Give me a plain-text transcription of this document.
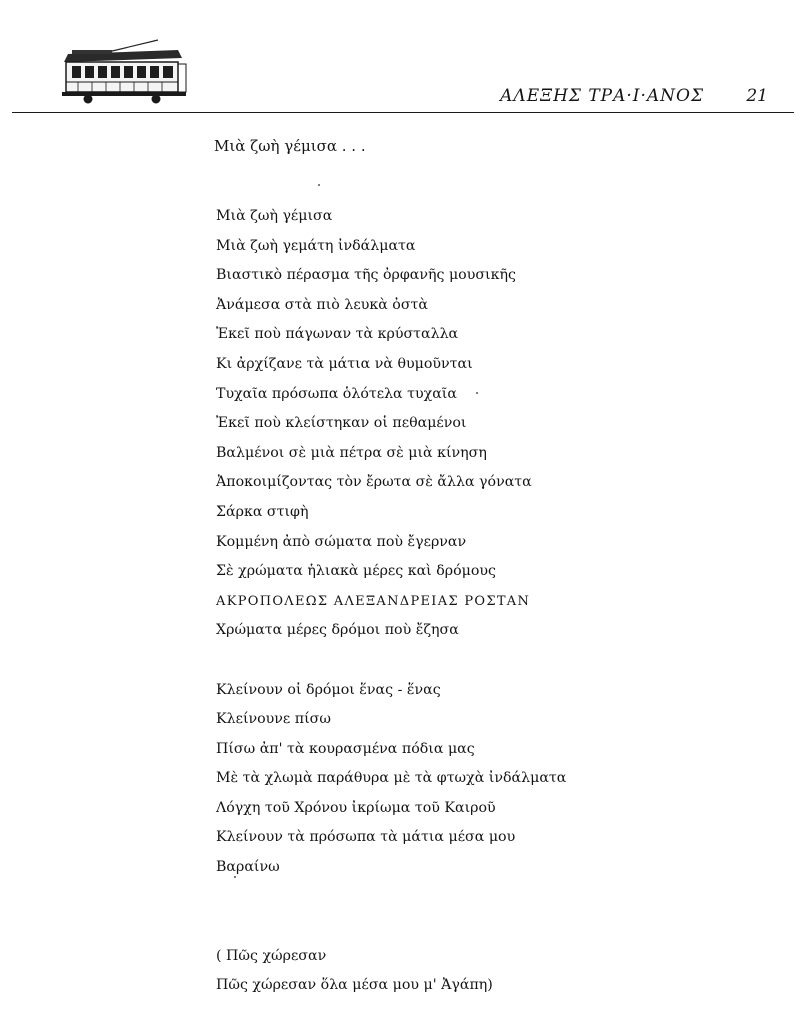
ΑΛΕΞΗΣ ΤΡΑ·Ι·ΑΝΟΣ 21
Μιὰ ζωὴ γέμισα . . .
Μιὰ ζωὴ γέμισα
Μιὰ ζωὴ γεμάτη ἰνδάλματα
Βιαστικὸ πέρασμα τῆς ὀρφανῆς μουσικῆς
Ἀνάμεσα στὰ πιὸ λευκὰ ὀστὰ
Ἐκεῖ ποὺ πάγωναν τὰ κρύσταλλα
Κι ἀρχίζανε τὰ μάτια νὰ θυμοῦνται
Τυχαῖα πρόσωπα ὁλότελα τυχαῖα
Ἐκεῖ ποὺ κλείστηκαν οἱ πεθαμένοι
Βαλμένοι σὲ μιὰ πέτρα σὲ μιὰ κίνηση
Ἀποκοιμίζοντας τὸν ἔρωτα σὲ ἄλλα γόνατα
Σάρκα στιφὴ
Κομμένη ἀπὸ σώματα ποὺ ἔγερναν
Σὲ χρώματα ἡλιακὰ μέρες καὶ δρόμους
ΑΚΡΟΠΟΛΕΩΣ ΑΛΕΞΑΝΔΡΕΙΑΣ ΡΟΣΤΑΝ
Χρώματα μέρες δρόμοι ποὺ ἔζησα
Κλείνουν οἱ δρόμοι ἕνας - ἕνας
Κλείνουνε πίσω
Πίσω ἀπ' τὰ κουρασμένα πόδια μας
Μὲ τὰ χλωμὰ παράθυρα μὲ τὰ φτωχὰ ἰνδάλματα
Λόγχη τοῦ Χρόνου ἰκρίωμα τοῦ Καιροῦ
Κλείνουν τὰ πρόσωπα τὰ μάτια μέσα μου
Βαραίνω
( Πῶς χώρεσαν
Πῶς χώρεσαν ὅλα μέσα μου μ' Ἀγάπη)
